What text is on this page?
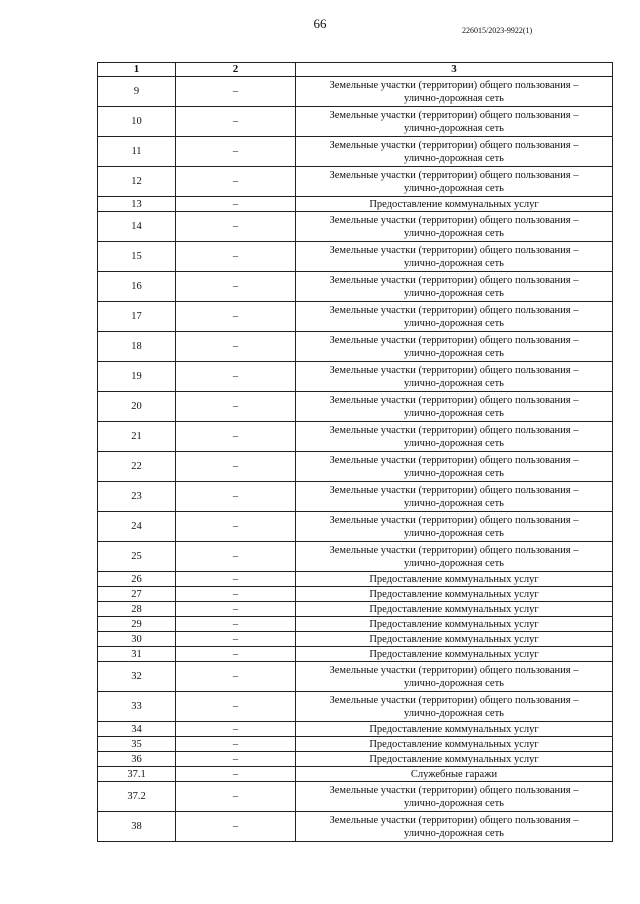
66	226015/2023-9922(1)
1	2	3
9	–	Земельные участки (территории) общего пользования –
улично-дорожная сеть

10	–	Земельные участки (территории) общего пользования –
улично-дорожная сеть

11	–	Земельные участки (территории) общего пользования –
улично-дорожная сеть

12	–	Земельные участки (территории) общего пользования –
улично-дорожная сеть

13	–	Предоставление коммунальных услуг

14	–	Земельные участки (территории) общего пользования –
улично-дорожная сеть

15	–	Земельные участки (территории) общего пользования –
улично-дорожная сеть

16	–	Земельные участки (территории) общего пользования –
улично-дорожная сеть

17	–	Земельные участки (территории) общего пользования –
улично-дорожная сеть

18	–	Земельные участки (территории) общего пользования –
улично-дорожная сеть

19	–	Земельные участки (территории) общего пользования –
улично-дорожная сеть

20	–	Земельные участки (территории) общего пользования –
улично-дорожная сеть

21	–	Земельные участки (территории) общего пользования –
улично-дорожная сеть

22	–	Земельные участки (территории) общего пользования –
улично-дорожная сеть

23	–	Земельные участки (территории) общего пользования –
улично-дорожная сеть

24	–	Земельные участки (территории) общего пользования –
улично-дорожная сеть

25	–	Земельные участки (территории) общего пользования –
улично-дорожная сеть

26	–	Предоставление коммунальных услуг

27	–	Предоставление коммунальных услуг

28	–	Предоставление коммунальных услуг

29	–	Предоставление коммунальных услуг

30	–	Предоставление коммунальных услуг

31	–	Предоставление коммунальных услуг

32	–	Земельные участки (территории) общего пользования –
улично-дорожная сеть

33	–	Земельные участки (территории) общего пользования –
улично-дорожная сеть

34	–	Предоставление коммунальных услуг

35	–	Предоставление коммунальных услуг

36	–	Предоставление коммунальных услуг

37.1	–	Служебные гаражи

37.2	–	Земельные участки (территории) общего пользования –
улично-дорожная сеть

38	–	Земельные участки (территории) общего пользования –
улично-дорожная сеть
